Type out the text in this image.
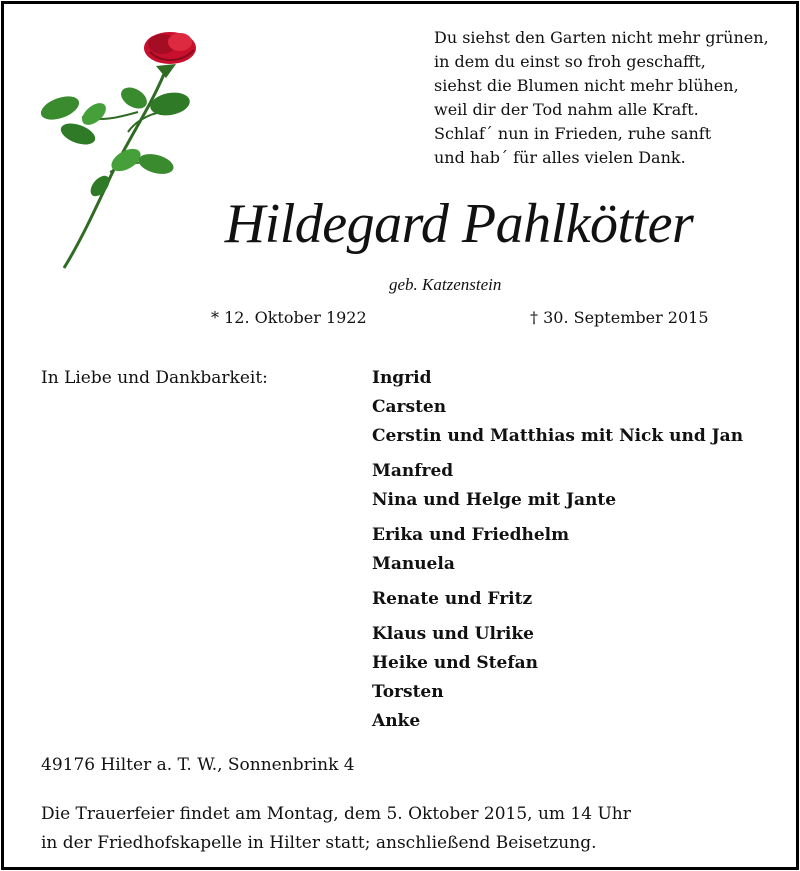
Du siehst den Garten nicht mehr grünen,
in dem du einst so froh geschafft,
siehst die Blumen nicht mehr blühen,
weil dir der Tod nahm alle Kraft.
Schlaf´ nun in Frieden, ruhe sanft
und hab´ für alles vielen Dank.
Hildegard Pahlkötter
geb. Katzenstein
* 12. Oktober 1922	† 30. September 2015
In Liebe und Dankbarkeit:	Ingrid
Carsten
Cerstin und Matthias mit Nick und Jan
Manfred
Nina und Helge mit Jante
Erika und Friedhelm
Manuela
Renate und Fritz
Klaus und Ulrike
Heike und Stefan
Torsten
Anke
49176 Hilter a. T. W., Sonnenbrink 4
Die Trauerfeier findet am Montag, dem 5. Oktober 2015, um 14 Uhr
in der Friedhofskapelle in Hilter statt; anschließend Beisetzung.
